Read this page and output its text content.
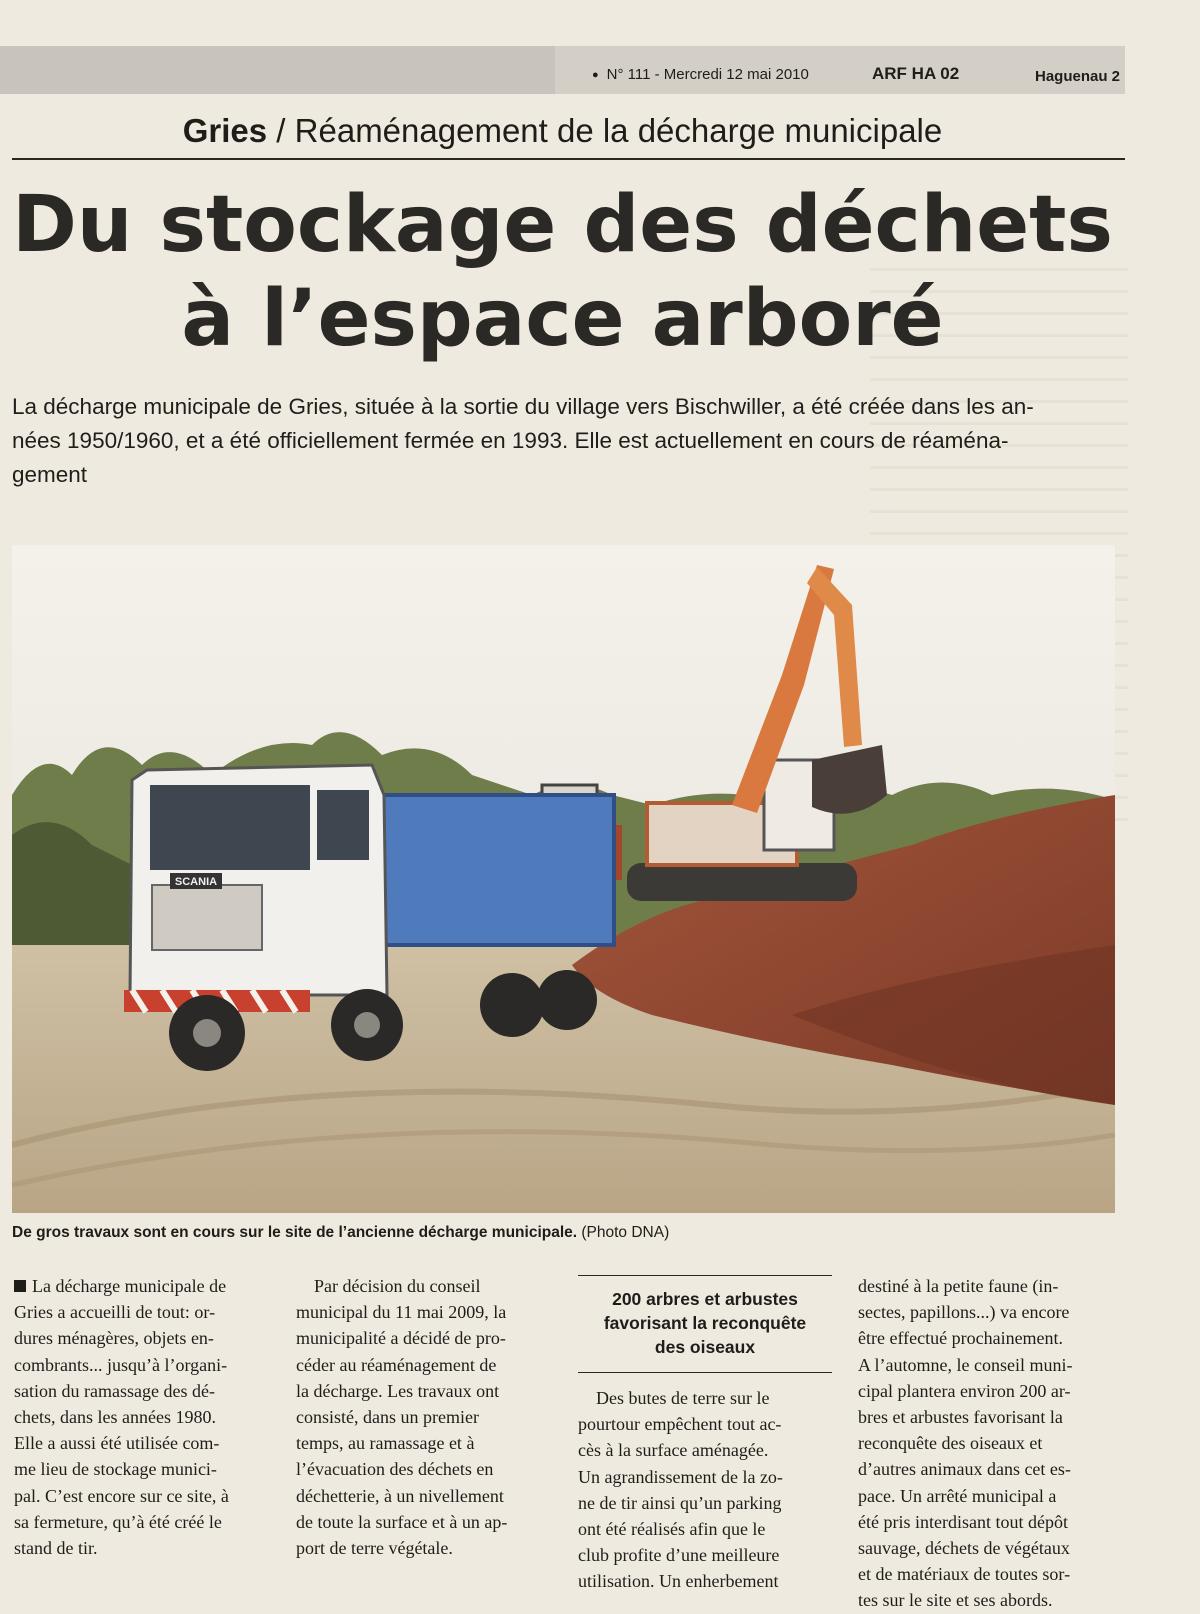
● N° 111 - Mercredi 12 mai 2010	ARF HA 02	Haguenau 2
Gries / Réaménagement de la décharge municipale
Du stockage des déchets
à l’espace arboré
La décharge municipale de Gries, située à la sortie du village vers Bischwiller, a été créée dans les an-
nées 1950/1960, et a été officiellement fermée en 1993. Elle est actuellement en cours de réaména-
gement
SCANIA
De gros travaux sont en cours sur le site de l’ancienne décharge municipale. (Photo DNA)
La décharge municipale de
Gries a accueilli de tout: or-
dures ménagères, objets en-
combrants... jusqu’à l’organi-
sation du ramassage des dé-
chets, dans les années 1980.
Elle a aussi été utilisée com-
me lieu de stockage munici-
pal. C’est encore sur ce site, à
sa fermeture, qu’à été créé le
stand de tir.
Par décision du conseil
municipal du 11 mai 2009, la
municipalité a décidé de pro-
céder au réaménagement de
la décharge. Les travaux ont
consisté, dans un premier
temps, au ramassage et à
l’évacuation des déchets en
déchetterie, à un nivellement
de toute la surface et à un ap-
port de terre végétale.
200 arbres et arbustes
favorisant la reconquête
des oiseaux
Des butes de terre sur le
pourtour empêchent tout ac-
cès à la surface aménagée.
Un agrandissement de la zo-
ne de tir ainsi qu’un parking
ont été réalisés afin que le
club profite d’une meilleure
utilisation. Un enherbement
destiné à la petite faune (in-
sectes, papillons...) va encore
être effectué prochainement.
A l’automne, le conseil muni-
cipal plantera environ 200 ar-
bres et arbustes favorisant la
reconquête des oiseaux et
d’autres animaux dans cet es-
pace. Un arrêté municipal a
été pris interdisant tout dépôt
sauvage, déchets de végétaux
et de matériaux de toutes sor-
tes sur le site et ses abords.
